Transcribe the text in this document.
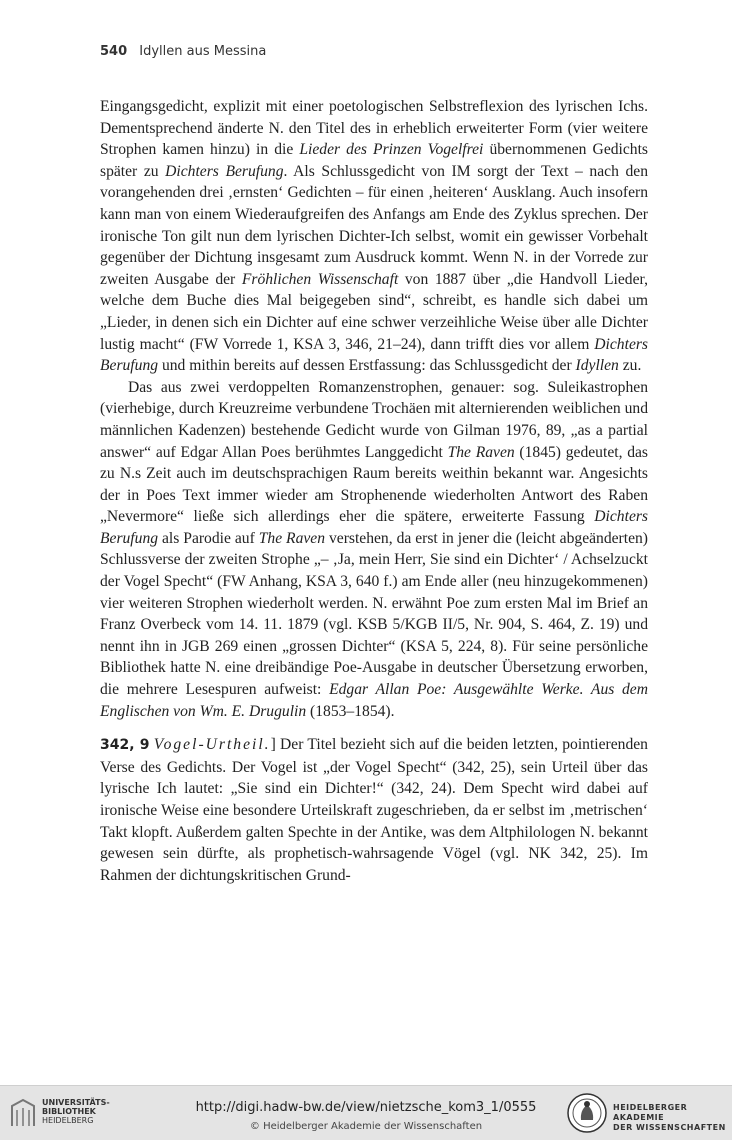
540 Idyllen aus Messina

Eingangsgedicht, explizit mit einer poetologischen Selbstreflexion des lyrischen Ichs. Dementsprechend änderte N. den Titel des in erheblich erweiterter Form (vier weitere Strophen kamen hinzu) in die Lieder des Prinzen Vogelfrei übernommenen Gedichts später zu Dichters Berufung. Als Schlussgedicht von IM sorgt der Text – nach den vorangehenden drei ‚ernsten‘ Gedichten – für einen ‚heiteren‘ Ausklang. Auch insofern kann man von einem Wiederaufgreifen des Anfangs am Ende des Zyklus sprechen. Der ironische Ton gilt nun dem lyrischen Dichter-Ich selbst, womit ein gewisser Vorbehalt gegenüber der Dichtung insgesamt zum Ausdruck kommt. Wenn N. in der Vorrede zur zweiten Ausgabe der Fröhlichen Wissenschaft von 1887 über „die Handvoll Lieder, welche dem Buche dies Mal beigegeben sind“, schreibt, es handle sich dabei um „Lieder, in denen sich ein Dichter auf eine schwer verzeihliche Weise über alle Dichter lustig macht“ (FW Vorrede 1, KSA 3, 346, 21–24), dann trifft dies vor allem Dichters Berufung und mithin bereits auf dessen Erstfassung: das Schlussgedicht der Idyllen zu.

Das aus zwei verdoppelten Romanzenstrophen, genauer: sog. Suleikastrophen (vierhebige, durch Kreuzreime verbundene Trochäen mit alternierenden weiblichen und männlichen Kadenzen) bestehende Gedicht wurde von Gilman 1976, 89, „as a partial answer“ auf Edgar Allan Poes berühmtes Langgedicht The Raven (1845) gedeutet, das zu N.s Zeit auch im deutschsprachigen Raum bereits weithin bekannt war. Angesichts der in Poes Text immer wieder am Strophenende wiederholten Antwort des Raben „Nevermore“ ließe sich allerdings eher die spätere, erweiterte Fassung Dichters Berufung als Parodie auf The Raven verstehen, da erst in jener die (leicht abgeänderten) Schlussverse der zweiten Strophe „– ‚Ja, mein Herr, Sie sind ein Dichter‘ / Achselzuckt der Vogel Specht“ (FW Anhang, KSA 3, 640 f.) am Ende aller (neu hinzugekommenen) vier weiteren Strophen wiederholt werden. N. erwähnt Poe zum ersten Mal im Brief an Franz Overbeck vom 14. 11. 1879 (vgl. KSB 5/KGB II/5, Nr. 904, S. 464, Z. 19) und nennt ihn in JGB 269 einen „grossen Dichter“ (KSA 5, 224, 8). Für seine persönliche Bibliothek hatte N. eine dreibändige Poe-Ausgabe in deutscher Übersetzung erworben, die mehrere Lesespuren aufweist: Edgar Allan Poe: Ausgewählte Werke. Aus dem Englischen von Wm. E. Drugulin (1853–1854).

342, 9 Vogel-Urtheil.] Der Titel bezieht sich auf die beiden letzten, pointierenden Verse des Gedichts. Der Vogel ist „der Vogel Specht“ (342, 25), sein Urteil über das lyrische Ich lautet: „Sie sind ein Dichter!“ (342, 24). Dem Specht wird dabei auf ironische Weise eine besondere Urteilskraft zugeschrieben, da er selbst im ‚metrischen‘ Takt klopft. Außerdem galten Spechte in der Antike, was dem Altphilologen N. bekannt gewesen sein dürfte, als prophetisch-wahrsagende Vögel (vgl. NK 342, 25). Im Rahmen der dichtungskritischen Grund-

UNIVERSITÄTS-
BIBLIOTHEK
HEIDELBERG
http://digi.hadw-bw.de/view/nietzsche_kom3_1/0555
© Heidelberger Akademie der Wissenschaften
HEIDELBERGER AKADEMIE
DER WISSENSCHAFTEN
